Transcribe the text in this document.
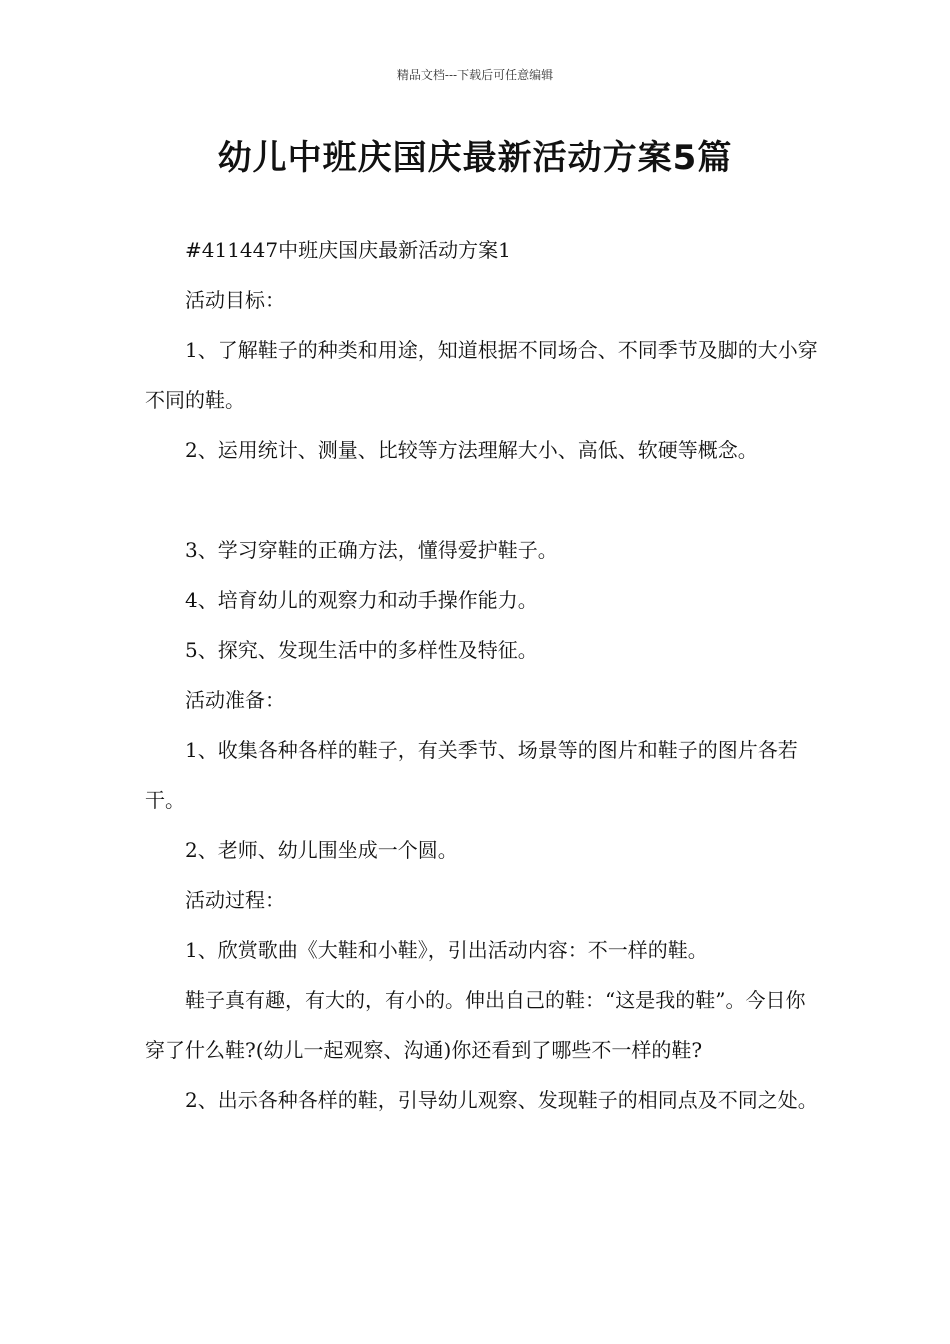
精品文档---下载后可任意编辑
幼儿中班庆国庆最新活动方案5篇

#411447中班庆国庆最新活动方案1

活动目标：

1、了解鞋子的种类和用途，知道根据不同场合、不同季节及脚的大小穿不同的鞋。

2、运用统计、测量、比较等方法理解大小、高低、软硬等概念。

3、学习穿鞋的正确方法，懂得爱护鞋子。

4、培育幼儿的观察力和动手操作能力。

5、探究、发现生活中的多样性及特征。

活动准备：

1、收集各种各样的鞋子，有关季节、场景等的图片和鞋子的图片各若干。

2、老师、幼儿围坐成一个圆。

活动过程：

1、欣赏歌曲《大鞋和小鞋》，引出活动内容：不一样的鞋。

鞋子真有趣，有大的，有小的。伸出自己的鞋：“这是我的鞋”。今日你穿了什么鞋?(幼儿一起观察、沟通)你还看到了哪些不一样的鞋?

2、出示各种各样的鞋，引导幼儿观察、发现鞋子的相同点及不同之处。
